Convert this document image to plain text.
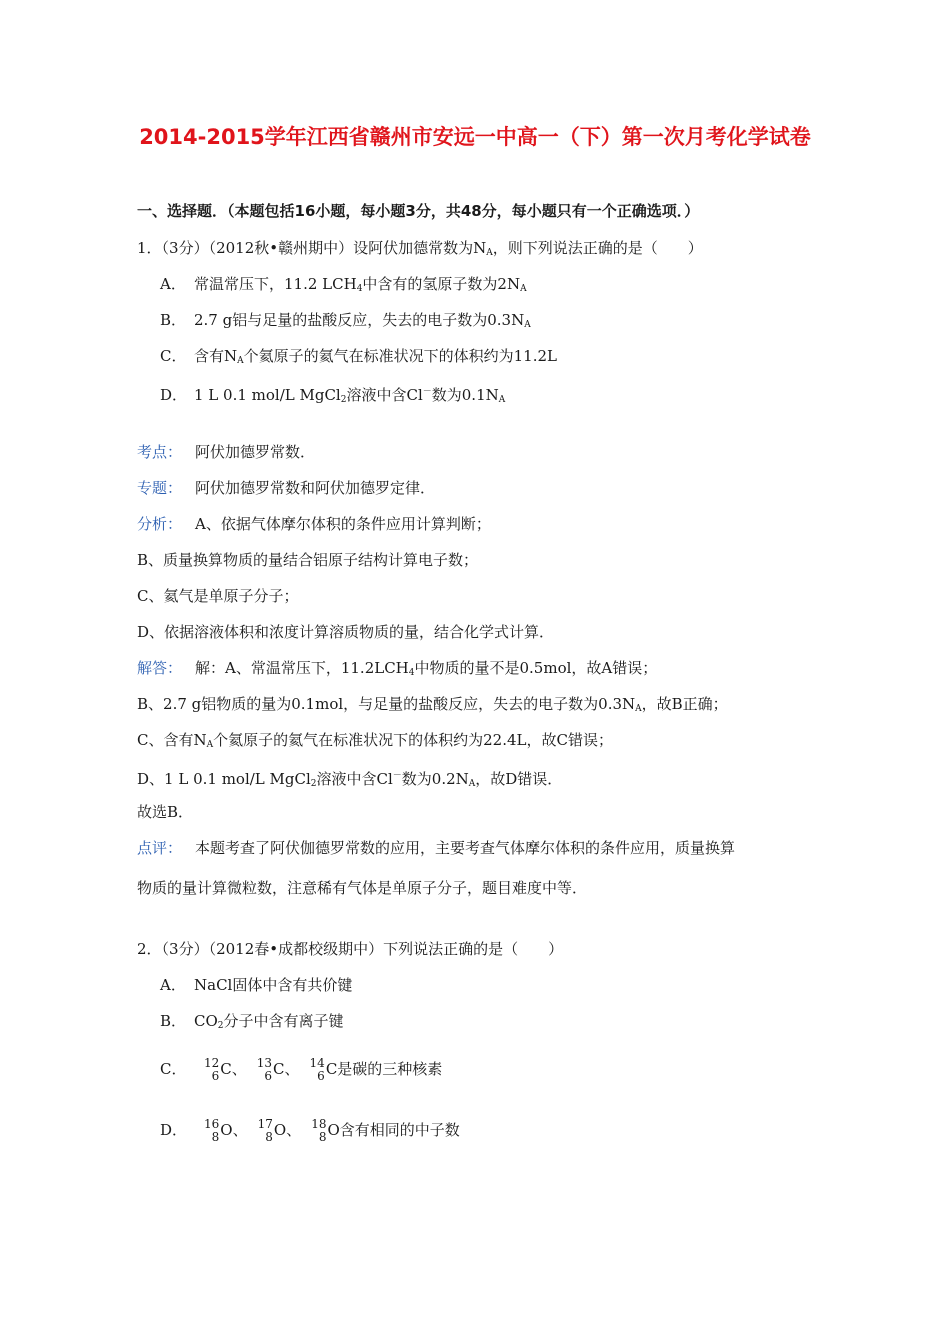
2014-2015学年江西省赣州市安远一中高一（下）第一次月考化学试卷
一、选择题．（本题包括16小题，每小题3分，共48分，每小题只有一个正确选项．）
1．（3分）（2012秋•赣州期中）设阿伏加德常数为$N_A$，则下列说法正确的是（　　）
A． 常温常压下，11.2 $LCH_4$中含有的氢原子数为$2N_A$
B． 2.7 g铝与足量的盐酸反应，失去的电子数为$0.3N_A$
C． 含有$N_A$个氦原子的氦气在标准状况下的体积约为11.2L
D． 1 L 0.1 mol/L MgCl$_2$溶液中含Cl－数为$0.1N_A$
考点： 阿伏加德罗常数．
专题： 阿伏加德罗常数和阿伏加德罗定律．
分析： A、依据气体摩尔体积的条件应用计算判断；
B、质量换算物质的量结合铝原子结构计算电子数；
C、氦气是单原子分子；
D、依据溶液体积和浓度计算溶质物质的量，结合化学式计算．
解答： 解：A、常温常压下，$11.2LCH_4$中物质的量不是0.5mol，故A错误；
B、2.7 g铝物质的量为0.1mol，与足量的盐酸反应，失去的电子数为$0.3N_A$，故B正确；
C、含有$N_A$个氦原子的氦气在标准状况下的体积约为22.4L，故C错误；
D、1 L 0.1 mol/L MgCl$_2$溶液中含Cl－数为$0.2N_A$，故D错误．
故选B．
点评： 本题考查了阿伏伽德罗常数的应用，主要考查气体摩尔体积的条件应用，质量换算
物质的量计算微粒数，注意稀有气体是单原子分子，题目难度中等．
2．（3分）（2012春•成都校级期中）下列说法正确的是（　　）
A． NaCl固体中含有共价键
B． $CO_2$分子中含有离子键
C． 12
6 C、 13
6 C、 14
6 C是碳的三种核素
D． 16
8 O、 17
8 O、 18
8 O含有相同的中子数
